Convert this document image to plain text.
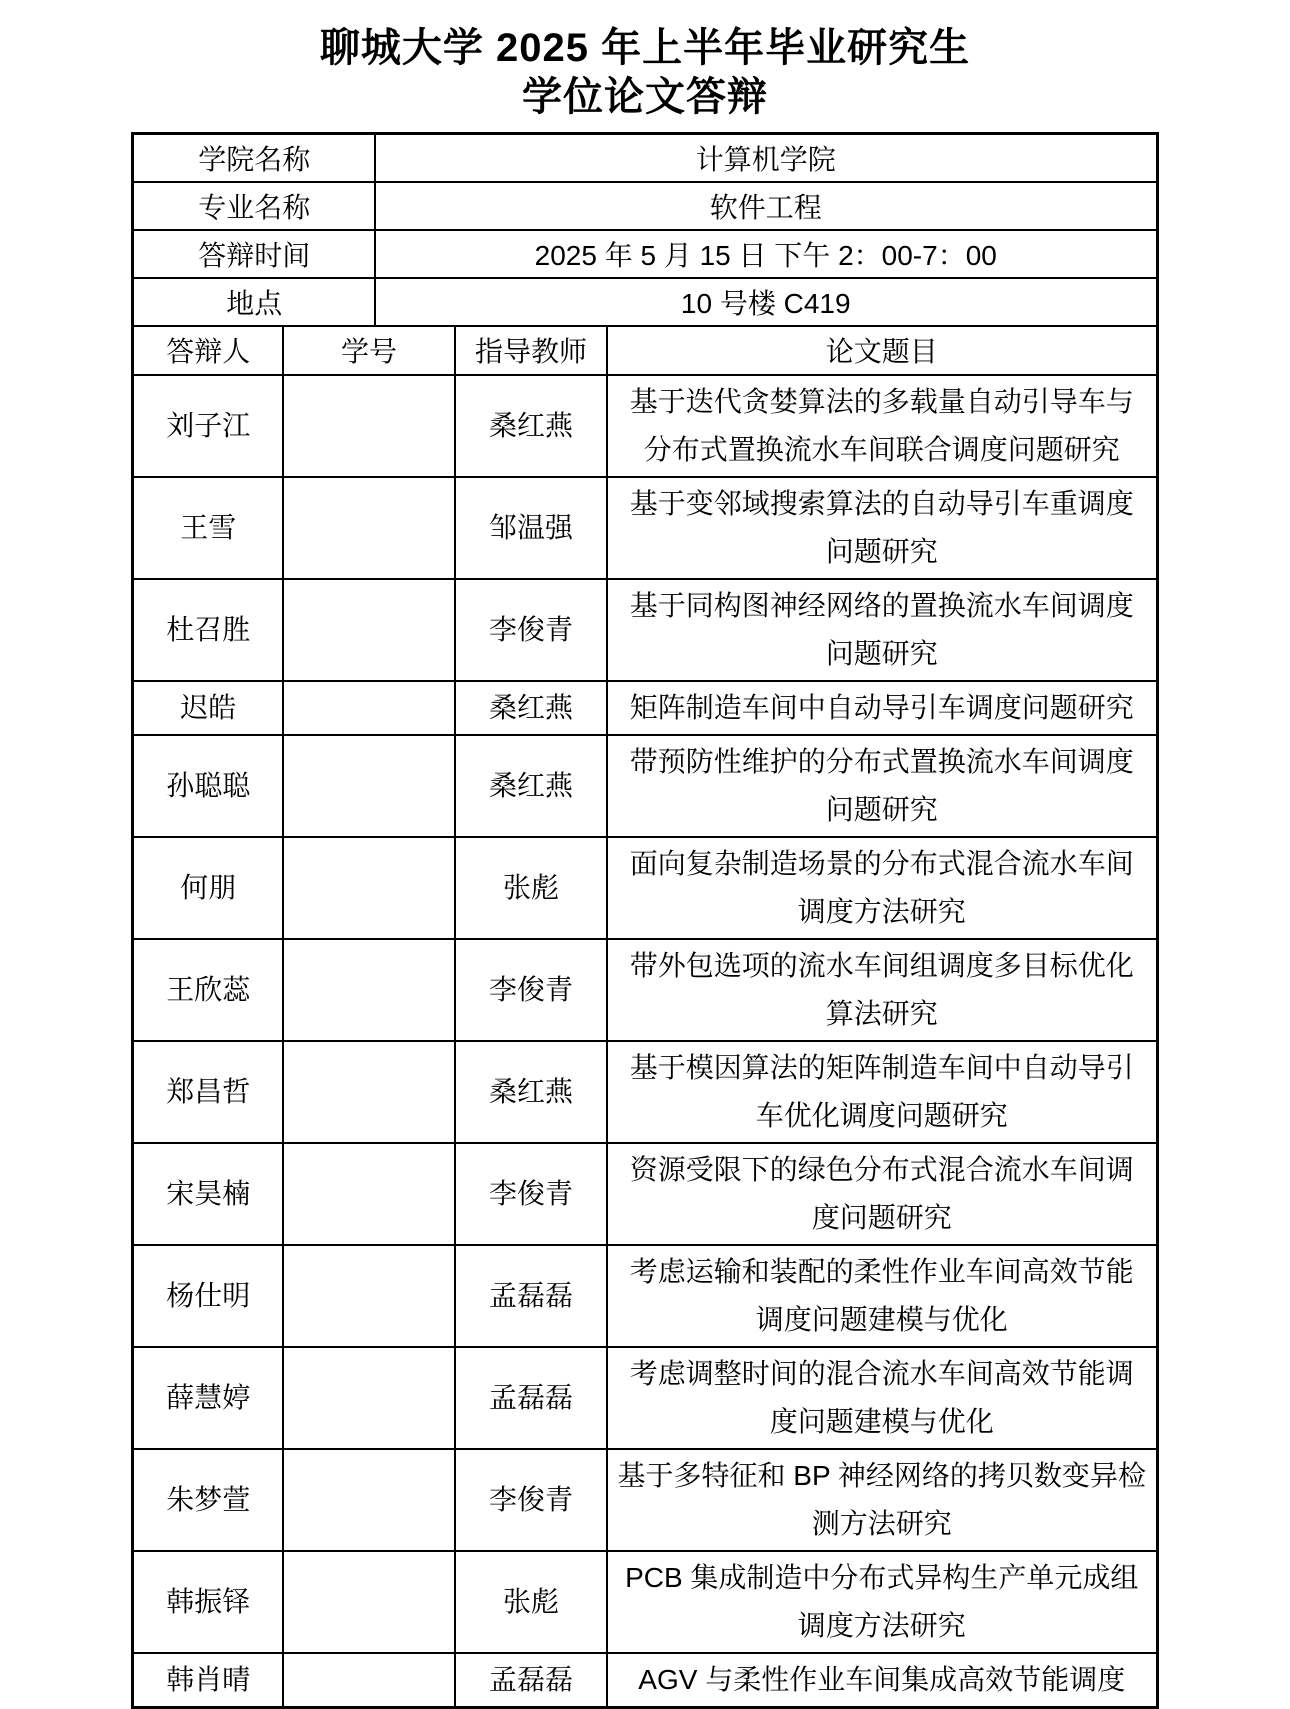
聊城大学 2025 年上半年毕业研究生
学位论文答辩
学院名称		计算机学院		
专业名称		软件工程		
答辩时间		2025 年 5 月 15 日 下午 2：00-7：00		
地点		10 号楼 C419		
答辩人	学号		指导教师	论文题目
刘子江			桑红燕	基于迭代贪婪算法的多载量自动引导车与分布式置换流水车间联合调度问题研究
王雪			邹温强	基于变邻域搜索算法的自动导引车重调度问题研究
杜召胜			李俊青	基于同构图神经网络的置换流水车间调度问题研究
迟皓			桑红燕	矩阵制造车间中自动导引车调度问题研究
孙聪聪			桑红燕	带预防性维护的分布式置换流水车间调度问题研究
何朋			张彪	面向复杂制造场景的分布式混合流水车间调度方法研究
王欣蕊			李俊青	带外包选项的流水车间组调度多目标优化算法研究
郑昌哲			桑红燕	基于模因算法的矩阵制造车间中自动导引车优化调度问题研究
宋昊楠			李俊青	资源受限下的绿色分布式混合流水车间调度问题研究
杨仕明			孟磊磊	考虑运输和装配的柔性作业车间高效节能调度问题建模与优化
薛慧婷			孟磊磊	考虑调整时间的混合流水车间高效节能调度问题建模与优化
朱梦萱			李俊青	基于多特征和 BP 神经网络的拷贝数变异检测方法研究
韩振铎			张彪	PCB 集成制造中分布式异构生产单元成组调度方法研究
韩肖晴			孟磊磊	AGV 与柔性作业车间集成高效节能调度
